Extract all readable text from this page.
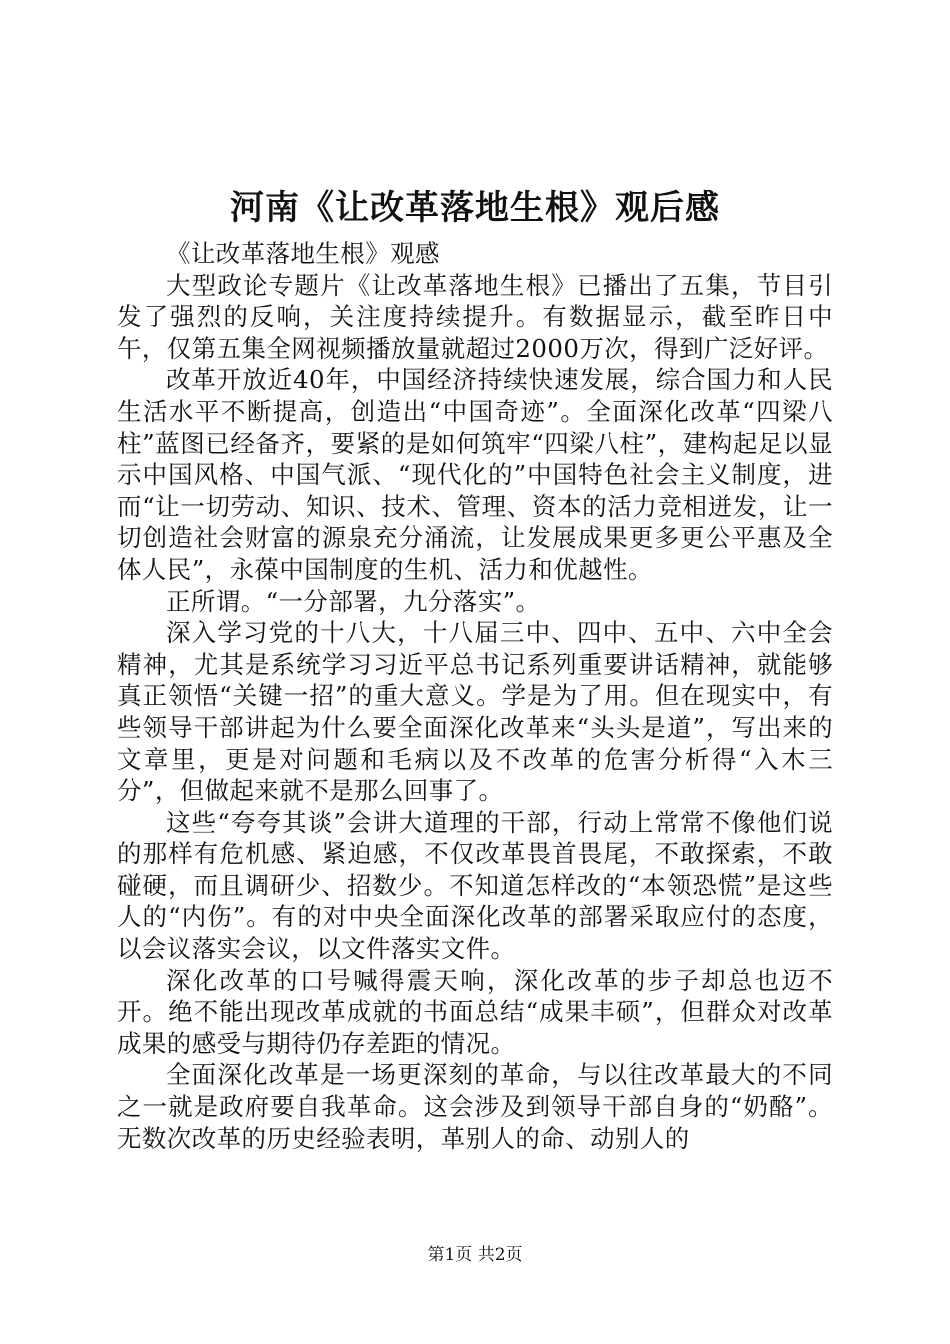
河南《让改革落地生根》观后感

《让改革落地生根》观感

大型政论专题片《让改革落地生根》已播出了五集，节目引发了强烈的反响，关注度持续提升。有数据显示，截至昨日中午，仅第五集全网视频播放量就超过2000万次，得到广泛好评。

改革开放近40年，中国经济持续快速发展，综合国力和人民生活水平不断提高，创造出“中国奇迹”。全面深化改革“四梁八柱”蓝图已经备齐，要紧的是如何筑牢“四梁八柱”，建构起足以显示中国风格、中国气派、“现代化的”中国特色社会主义制度，进而“让一切劳动、知识、技术、管理、资本的活力竞相迸发，让一切创造社会财富的源泉充分涌流，让发展成果更多更公平惠及全体人民”，永葆中国制度的生机、活力和优越性。

正所谓。“一分部署，九分落实”。

深入学习党的十八大，十八届三中、四中、五中、六中全会精神，尤其是系统学习习近平总书记系列重要讲话精神，就能够真正领悟“关键一招”的重大意义。学是为了用。但在现实中，有些领导干部讲起为什么要全面深化改革来“头头是道”，写出来的文章里，更是对问题和毛病以及不改革的危害分析得“入木三分”，但做起来就不是那么回事了。

这些“夸夸其谈”会讲大道理的干部，行动上常常不像他们说的那样有危机感、紧迫感，不仅改革畏首畏尾，不敢探索，不敢碰硬，而且调研少、招数少。不知道怎样改的“本领恐慌”是这些人的“内伤”。有的对中央全面深化改革的部署采取应付的态度，以会议落实会议，以文件落实文件。

深化改革的口号喊得震天响，深化改革的步子却总也迈不开。绝不能出现改革成就的书面总结“成果丰硕”，但群众对改革成果的感受与期待仍存差距的情况。

全面深化改革是一场更深刻的革命，与以往改革最大的不同之一就是政府要自我革命。这会涉及到领导干部自身的“奶酪”。无数次改革的历史经验表明，革别人的命、动别人的

第1页 共2页
